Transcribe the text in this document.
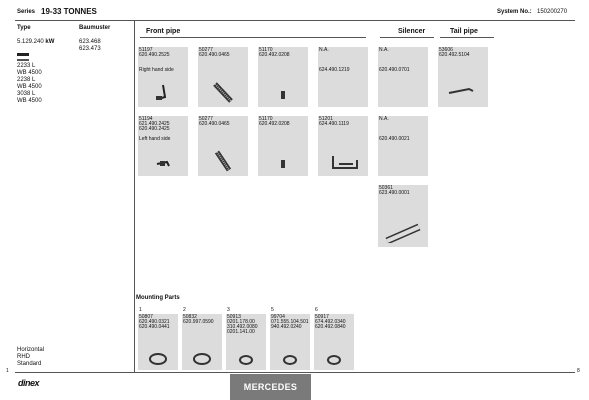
Series 19-33 TONNES	System No.: 150200270
Type	Baumuster
5.129.240 kW	623.468
623.473
2233 L
WB 4500
2238 L
WB 4500
3038 L
WB 4500
Horizontal
RHD
Standard
Front pipe	Silencer	Tail pipe
51197
620.490.2525
Right hand side
50277
620.490.0465
51170
620.492.0208
N.A.
624.490.1219
N.A.
620.490.0701
53606
620.492.5104
51194
621.490.2425
620.490.2425
Left hand side
50277
620.490.0465
51170
620.492.0208
51201
624.490.1119
N.A.
620.490.0021
50361
623.490.0001
Mounting Parts
1
50807
620.490.0321
620.490.0441
2
50832
620.997.0590
3
50913
0201.178.00
310.492.0080
0201.141.00
5
99704
071.555.104.501
940.492.0240
6
50917
674.492.0340
620.492.0840
dinex	MERCEDES
1	8
